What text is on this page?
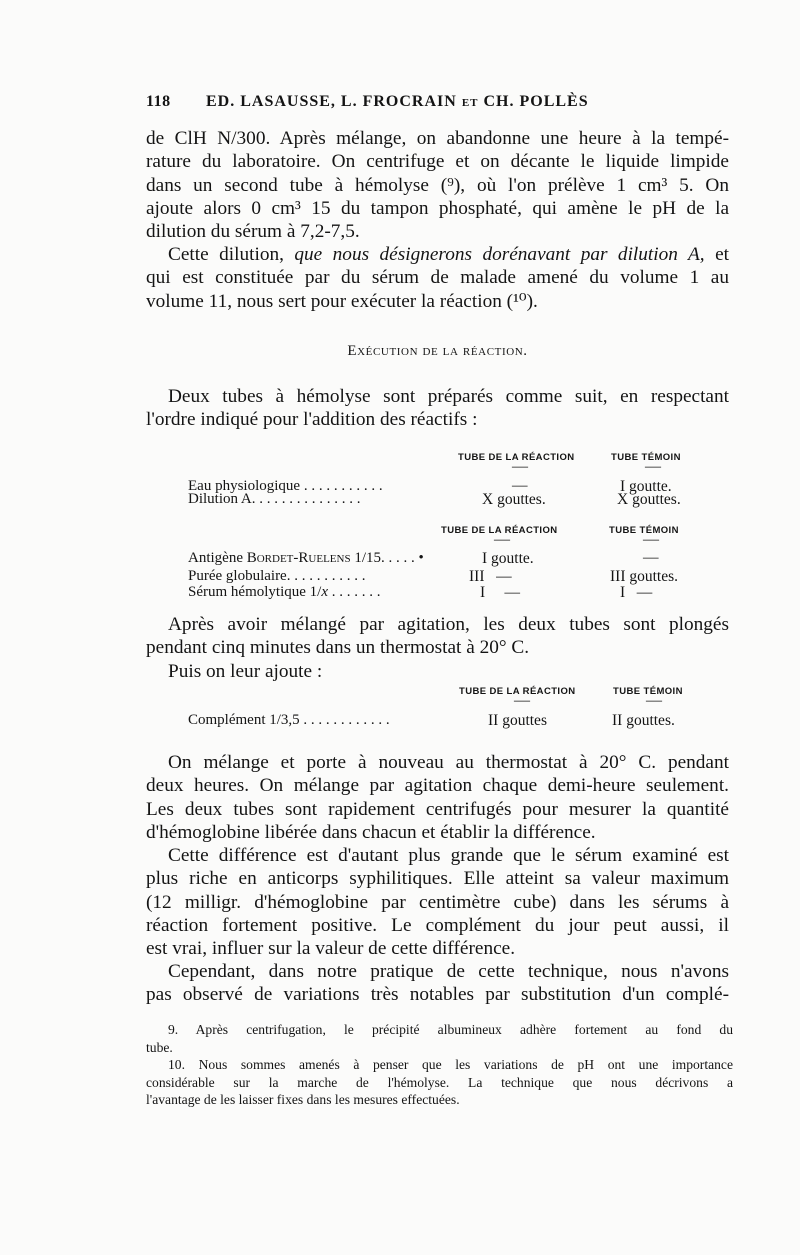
118 ED. LASAUSSE, L. FROCRAIN et CH. POLLÈS
de ClH N/300. Après mélange, on abandonne une heure à la tempé-
rature du laboratoire. On centrifuge et on décante le liquide limpide
dans un second tube à hémolyse (⁹), où l'on prélève 1 cm³ 5. On
ajoute alors 0 cm³ 15 du tampon phosphaté, qui amène le pH de la
dilution du sérum à 7,2-7,5.
Cette dilution, que nous désignerons dorénavant par dilution A, et
qui est constituée par du sérum de malade amené du volume 1 au
volume 11, nous sert pour exécuter la réaction (¹⁰).
Exécution de la réaction.
Deux tubes à hémolyse sont préparés comme suit, en respectant
l'ordre indiqué pour l'addition des réactifs :
TUBE DE LA RÉACTION	TUBE TÉMOIN
—	—
Eau physiologique . . . . . . . . . . .	—	I goutte.
Dilution A. . . . . . . . . . . . . . .	X gouttes.	X gouttes.
TUBE DE LA RÉACTION	TUBE TÉMOIN
—	—
Antigène Bordet-Ruelens 1/15. . . . . •	I goutte.	—
Purée globulaire. . . . . . . . . . .	III   —	III gouttes.
Sérum hémolytique 1/x . . . . . . .	I     —	I   —
Après avoir mélangé par agitation, les deux tubes sont plongés
pendant cinq minutes dans un thermostat à 20° C.
Puis on leur ajoute :
TUBE DE LA RÉACTION	TUBE TÉMOIN
—	—
Complément 1/3,5 . . . . . . . . . . . .	II gouttes	II gouttes.
On mélange et porte à nouveau au thermostat à 20° C. pendant
deux heures. On mélange par agitation chaque demi-heure seulement.
Les deux tubes sont rapidement centrifugés pour mesurer la quantité
d'hémoglobine libérée dans chacun et établir la différence.
Cette différence est d'autant plus grande que le sérum examiné est
plus riche en anticorps syphilitiques. Elle atteint sa valeur maximum
(12 milligr. d'hémoglobine par centimètre cube) dans les sérums à
réaction fortement positive. Le complément du jour peut aussi, il
est vrai, influer sur la valeur de cette différence.
Cependant, dans notre pratique de cette technique, nous n'avons
pas observé de variations très notables par substitution d'un complé-

9. Après centrifugation, le précipité albumineux adhère fortement au fond du

tube.

10. Nous sommes amenés à penser que les variations de pH ont une importance

considérable sur la marche de l'hémolyse. La technique que nous décrivons a

l'avantage de les laisser fixes dans les mesures effectuées.
